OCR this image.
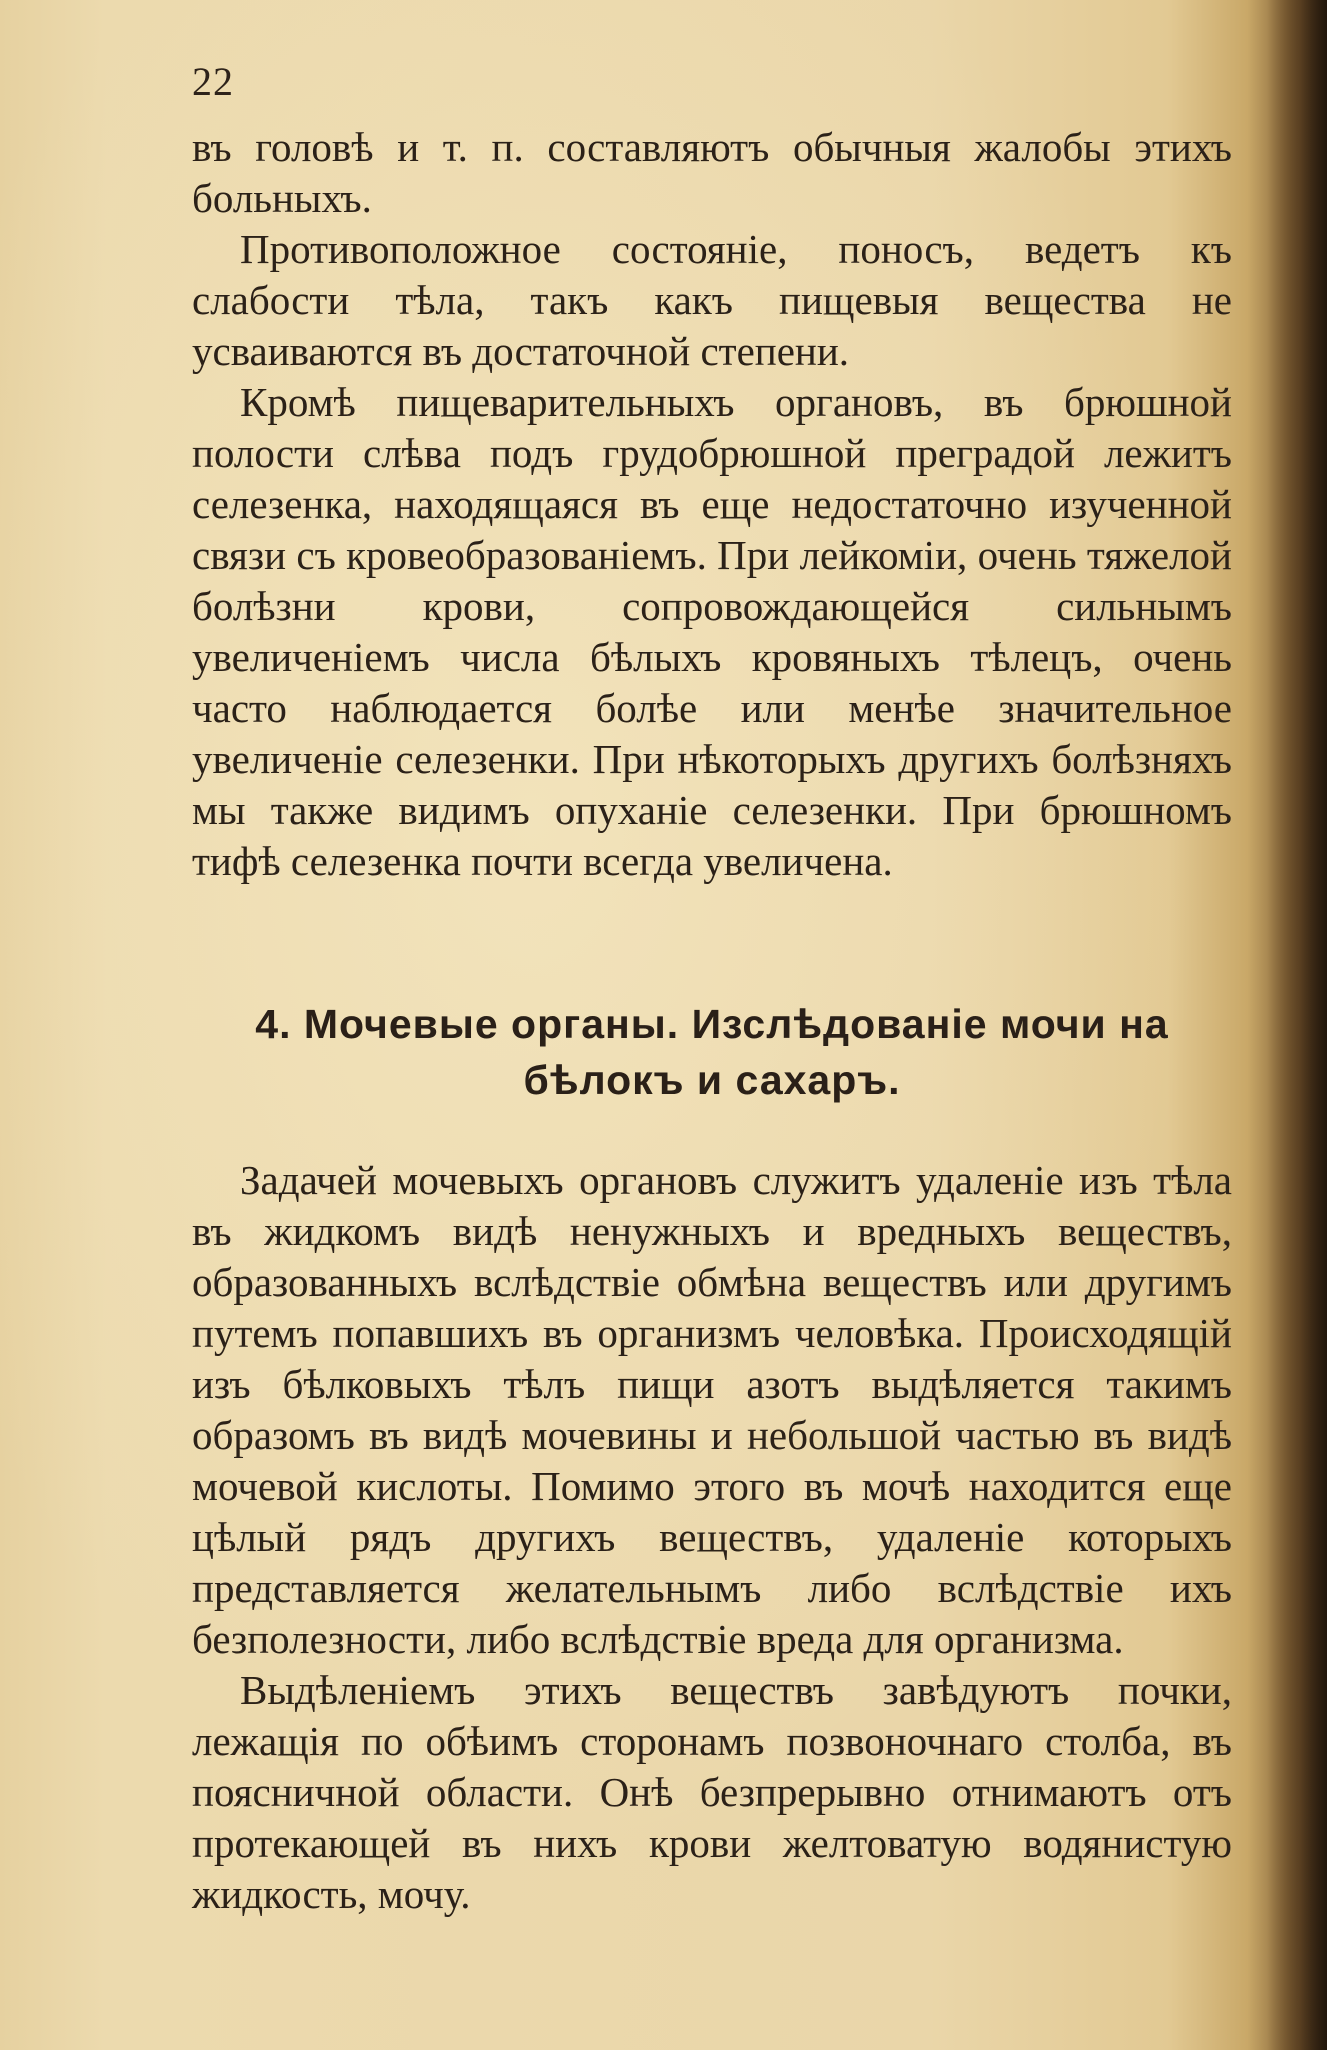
22

въ головѣ и т. п. составляютъ обычныя жалобы этихъ больныхъ.

Противоположное состояніе, поносъ, ведетъ къ слабости тѣла, такъ какъ пищевыя вещества не усваиваются въ достаточной степени.

Кромѣ пищеварительныхъ органовъ, въ брюшной полости слѣва подъ грудобрюшной преградой лежитъ селезенка, находящаяся въ еще недостаточно изученной связи съ кровеобразованіемъ. При лейкоміи, очень тяжелой болѣзни крови, сопровождающейся сильнымъ увеличеніемъ числа бѣлыхъ кровяныхъ тѣлецъ, очень часто наблюдается болѣе или менѣе значительное увеличеніе селезенки. При нѣкоторыхъ другихъ болѣзняхъ мы также видимъ опуханіе селезенки. При брюшномъ тифѣ селезенка почти всегда увеличена.

4. Мочевые органы. Изслѣдованіе мочи на
бѣлокъ и сахаръ.

Задачей мочевыхъ органовъ служитъ удаленіе изъ тѣла въ жидкомъ видѣ ненужныхъ и вредныхъ веществъ, образованныхъ вслѣдствіе обмѣна веществъ или другимъ путемъ попавшихъ въ организмъ человѣка. Происходящій изъ бѣлковыхъ тѣлъ пищи азотъ выдѣляется такимъ образомъ въ видѣ мочевины и небольшой частью въ видѣ мочевой кислоты. Помимо этого въ мочѣ находится еще цѣлый рядъ другихъ веществъ, удаленіе которыхъ представляется желательнымъ либо вслѣдствіе ихъ безполезности, либо вслѣдствіе вреда для организма.

Выдѣленіемъ этихъ веществъ завѣдуютъ почки, лежащія по обѣимъ сторонамъ позвоночнаго столба, въ поясничной области. Онѣ безпрерывно отнимаютъ отъ протекающей въ нихъ крови желтоватую водянистую жидкость, мочу.
